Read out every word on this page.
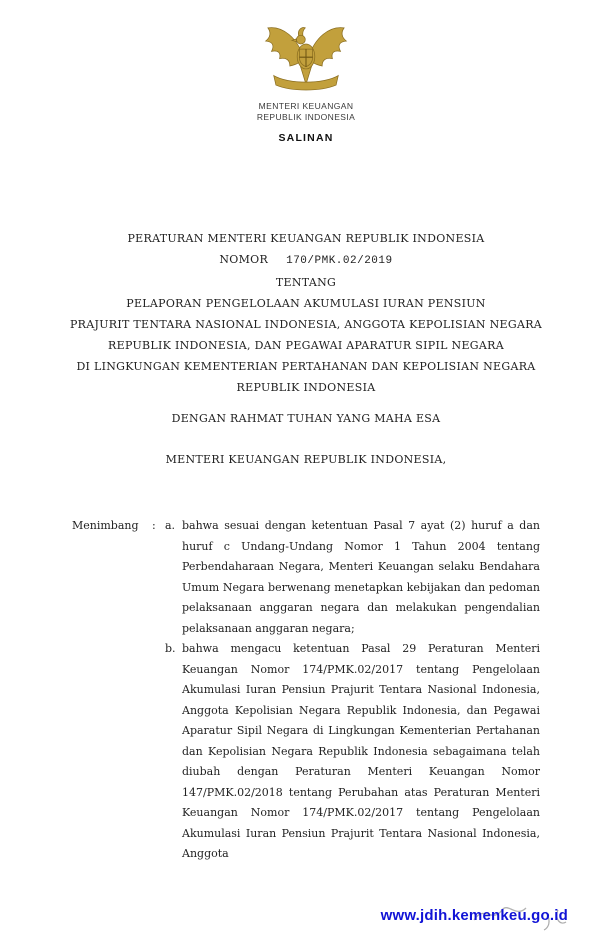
MENTERI KEUANGAN
REPUBLIK INDONESIA
SALINAN
PERATURAN MENTERI KEUANGAN REPUBLIK INDONESIA
NOMOR 170/PMK.02/2019
TENTANG
PELAPORAN PENGELOLAAN AKUMULASI IURAN PENSIUN
PRAJURIT TENTARA NASIONAL INDONESIA, ANGGOTA KEPOLISIAN NEGARA
REPUBLIK INDONESIA, DAN PEGAWAI APARATUR SIPIL NEGARA
DI LINGKUNGAN KEMENTERIAN PERTAHANAN DAN KEPOLISIAN NEGARA
REPUBLIK INDONESIA
DENGAN RAHMAT TUHAN YANG MAHA ESA
MENTERI KEUANGAN REPUBLIK INDONESIA,
Menimbang	: a. bahwa sesuai dengan ketentuan Pasal 7 ayat (2) huruf a dan huruf c Undang-Undang Nomor 1 Tahun 2004 tentang Perbendaharaan Negara, Menteri Keuangan selaku Bendahara Umum Negara berwenang menetapkan kebijakan dan pedoman pelaksanaan anggaran negara dan melakukan pengendalian pelaksanaan anggaran negara;

b. bahwa mengacu ketentuan Pasal 29 Peraturan Menteri Keuangan Nomor 174/PMK.02/2017 tentang Pengelolaan Akumulasi Iuran Pensiun Prajurit Tentara Nasional Indonesia, Anggota Kepolisian Negara Republik Indonesia, dan Pegawai Aparatur Sipil Negara di Lingkungan Kementerian Pertahanan dan Kepolisian Negara Republik Indonesia sebagaimana telah diubah dengan Peraturan Menteri Keuangan Nomor 147/PMK.02/2018 tentang Perubahan atas Peraturan Menteri Keuangan Nomor 174/PMK.02/2017 tentang Pengelolaan Akumulasi Iuran Pensiun Prajurit Tentara Nasional Indonesia, Anggota

www.jdih.kemenkeu.go.id
